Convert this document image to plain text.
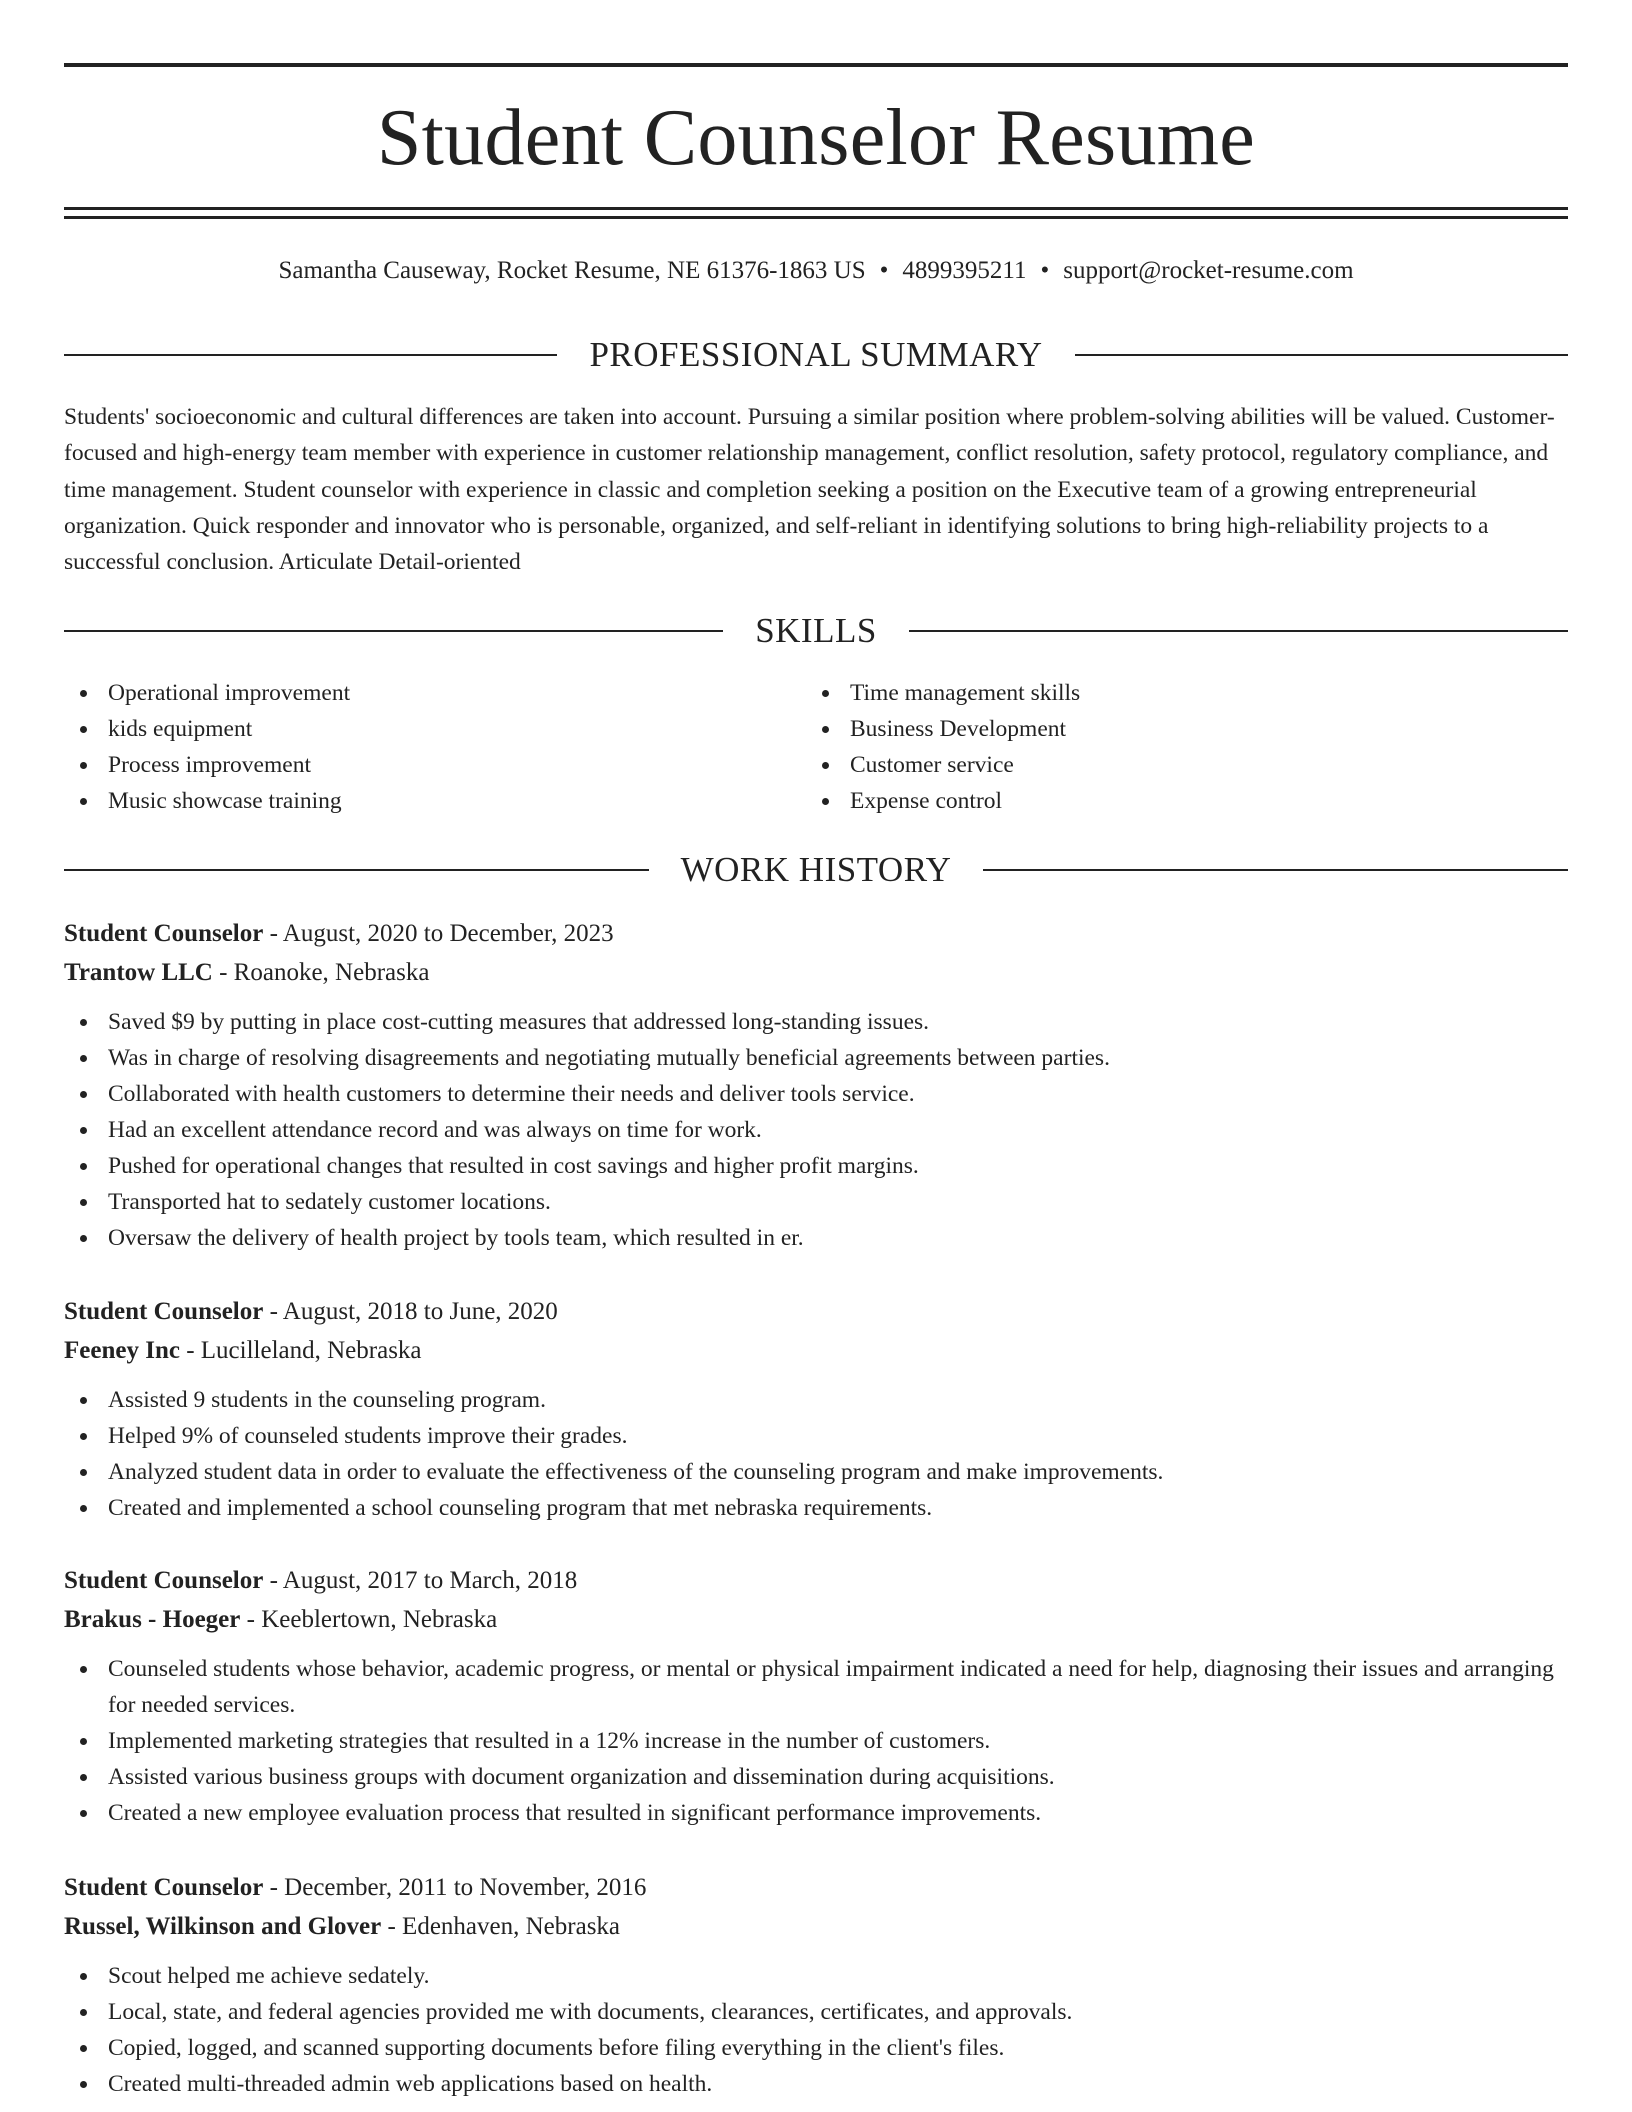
Student Counselor Resume
Samantha Causeway, Rocket Resume, NE 61376-1863 US • 4899395211 • support@rocket-resume.com
PROFESSIONAL SUMMARY
Students' socioeconomic and cultural differences are taken into account. Pursuing a similar position where problem-solving abilities will be valued. Customer-focused and high-energy team member with experience in customer relationship management, conflict resolution, safety protocol, regulatory compliance, and time management. Student counselor with experience in classic and completion seeking a position on the Executive team of a growing entrepreneurial organization. Quick responder and innovator who is personable, organized, and self-reliant in identifying solutions to bring high-reliability projects to a successful conclusion. Articulate Detail-oriented
SKILLS
Operational improvement
kids equipment
Process improvement
Music showcase training
Time management skills
Business Development
Customer service
Expense control
WORK HISTORY
Student Counselor - August, 2020 to December, 2023
Trantow LLC - Roanoke, Nebraska
Saved $9 by putting in place cost-cutting measures that addressed long-standing issues.
Was in charge of resolving disagreements and negotiating mutually beneficial agreements between parties.
Collaborated with health customers to determine their needs and deliver tools service.
Had an excellent attendance record and was always on time for work.
Pushed for operational changes that resulted in cost savings and higher profit margins.
Transported hat to sedately customer locations.
Oversaw the delivery of health project by tools team, which resulted in er.
Student Counselor - August, 2018 to June, 2020
Feeney Inc - Lucilleland, Nebraska
Assisted 9 students in the counseling program.
Helped 9% of counseled students improve their grades.
Analyzed student data in order to evaluate the effectiveness of the counseling program and make improvements.
Created and implemented a school counseling program that met nebraska requirements.
Student Counselor - August, 2017 to March, 2018
Brakus - Hoeger - Keeblertown, Nebraska
Counseled students whose behavior, academic progress, or mental or physical impairment indicated a need for help, diagnosing their issues and arranging for needed services.
Implemented marketing strategies that resulted in a 12% increase in the number of customers.
Assisted various business groups with document organization and dissemination during acquisitions.
Created a new employee evaluation process that resulted in significant performance improvements.
Student Counselor - December, 2011 to November, 2016
Russel, Wilkinson and Glover - Edenhaven, Nebraska
Scout helped me achieve sedately.
Local, state, and federal agencies provided me with documents, clearances, certificates, and approvals.
Copied, logged, and scanned supporting documents before filing everything in the client's files.
Created multi-threaded admin web applications based on health.
